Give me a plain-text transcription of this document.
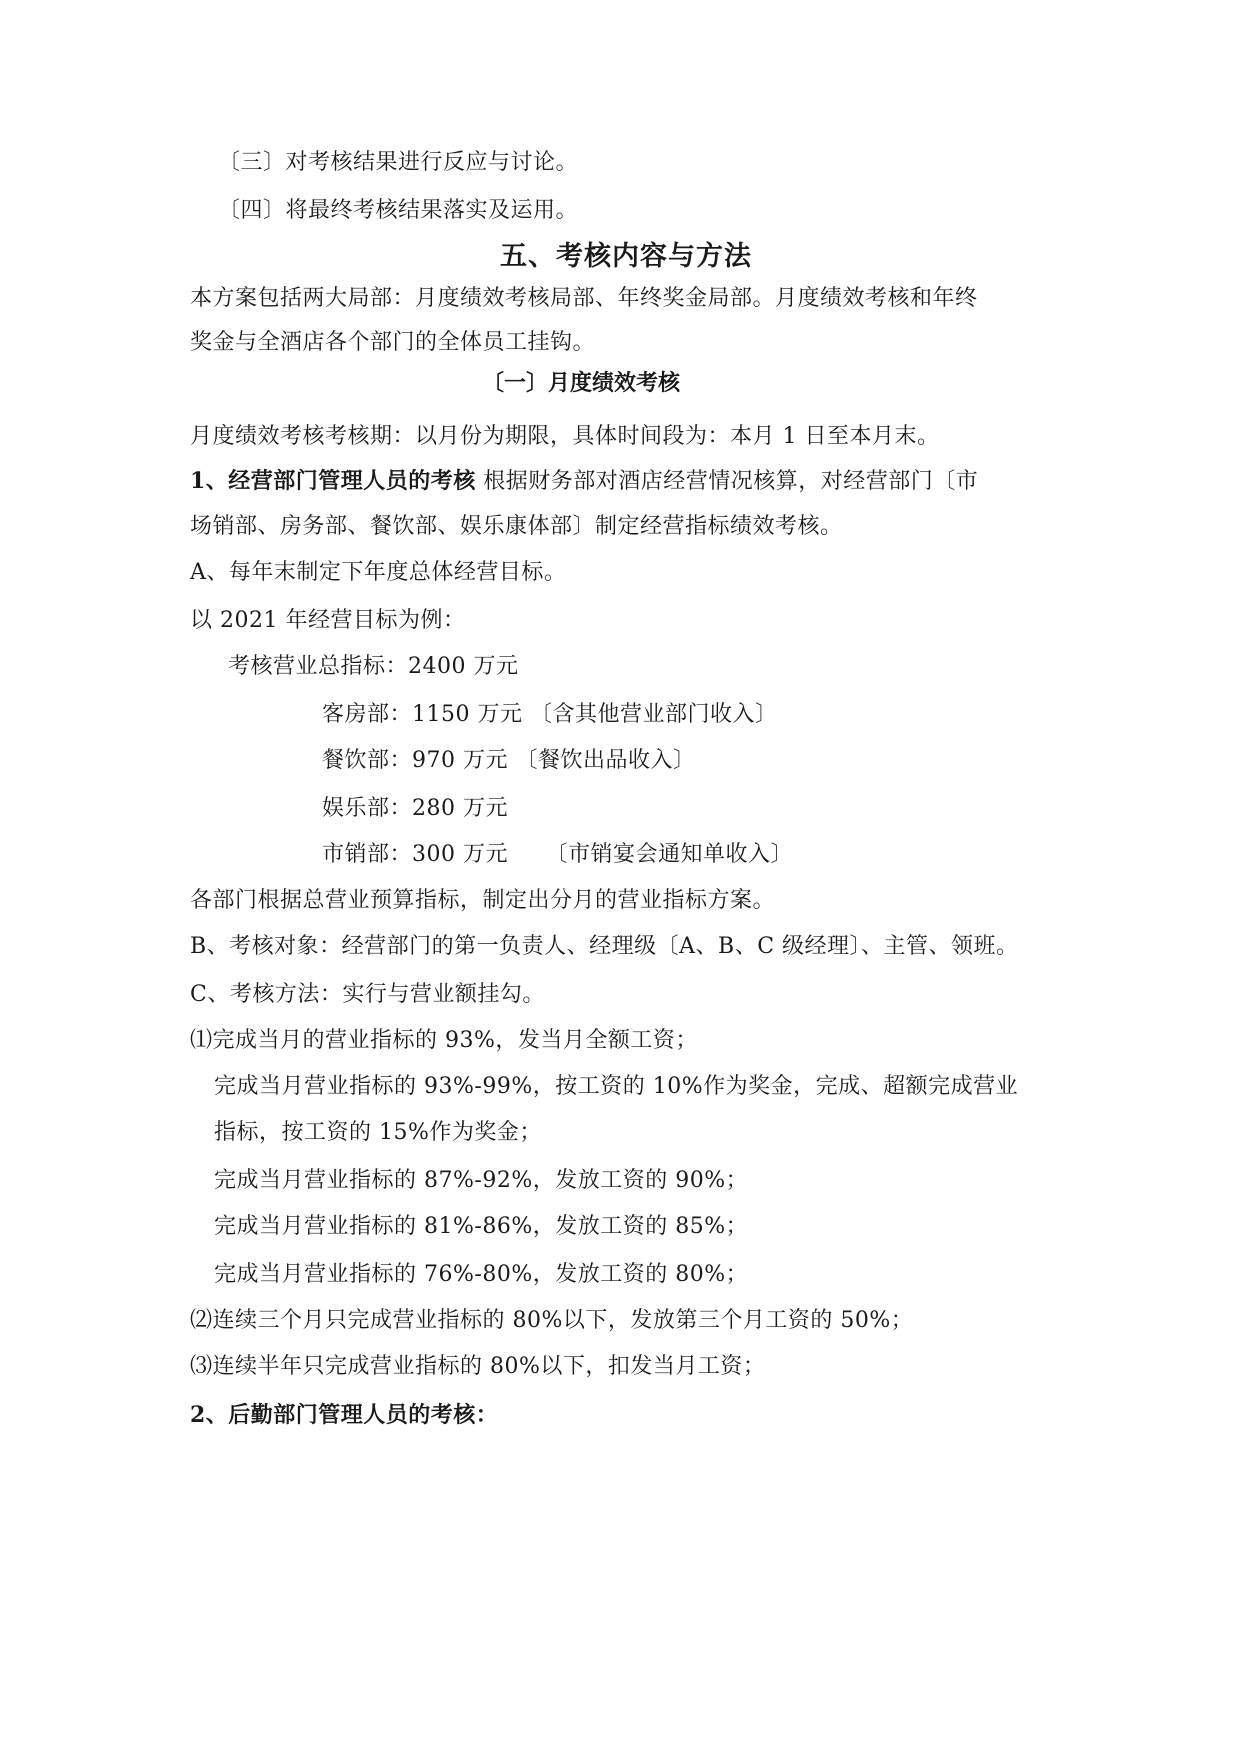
〔三〕对考核结果进行反应与讨论。
〔四〕将最终考核结果落实及运用。
五、考核内容与方法
本方案包括两大局部：月度绩效考核局部、年终奖金局部。月度绩效考核和年终
奖金与全酒店各个部门的全体员工挂钩。
〔一〕月度绩效考核
月度绩效考核考核期：以月份为期限，具体时间段为：本月 1 日至本月末。
1、经营部门管理人员的考核 根据财务部对酒店经营情况核算，对经营部门〔市
场销部、房务部、餐饮部、娱乐康体部〕制定经营指标绩效考核。
A、每年末制定下年度总体经营目标。
以 2021 年经营目标为例：
考核营业总指标：2400 万元
客房部：1150 万元 〔含其他营业部门收入〕
餐饮部：970 万元 〔餐饮出品收入〕
娱乐部：280 万元
市销部：300 万元 　 〔市销宴会通知单收入〕
各部门根据总营业预算指标，制定出分月的营业指标方案。
B、考核对象：经营部门的第一负责人、经理级〔A、B、C 级经理〕、主管、领班。
C、考核方法：实行与营业额挂勾。
⑴完成当月的营业指标的 93%，发当月全额工资；
完成当月营业指标的 93%-99%，按工资的 10%作为奖金，完成、超额完成营业
指标，按工资的 15%作为奖金；
完成当月营业指标的 87%-92%，发放工资的 90%；
完成当月营业指标的 81%-86%，发放工资的 85%；
完成当月营业指标的 76%-80%，发放工资的 80%；
⑵连续三个月只完成营业指标的 80%以下，发放第三个月工资的 50%；
⑶连续半年只完成营业指标的 80%以下，扣发当月工资；
2、后勤部门管理人员的考核：
